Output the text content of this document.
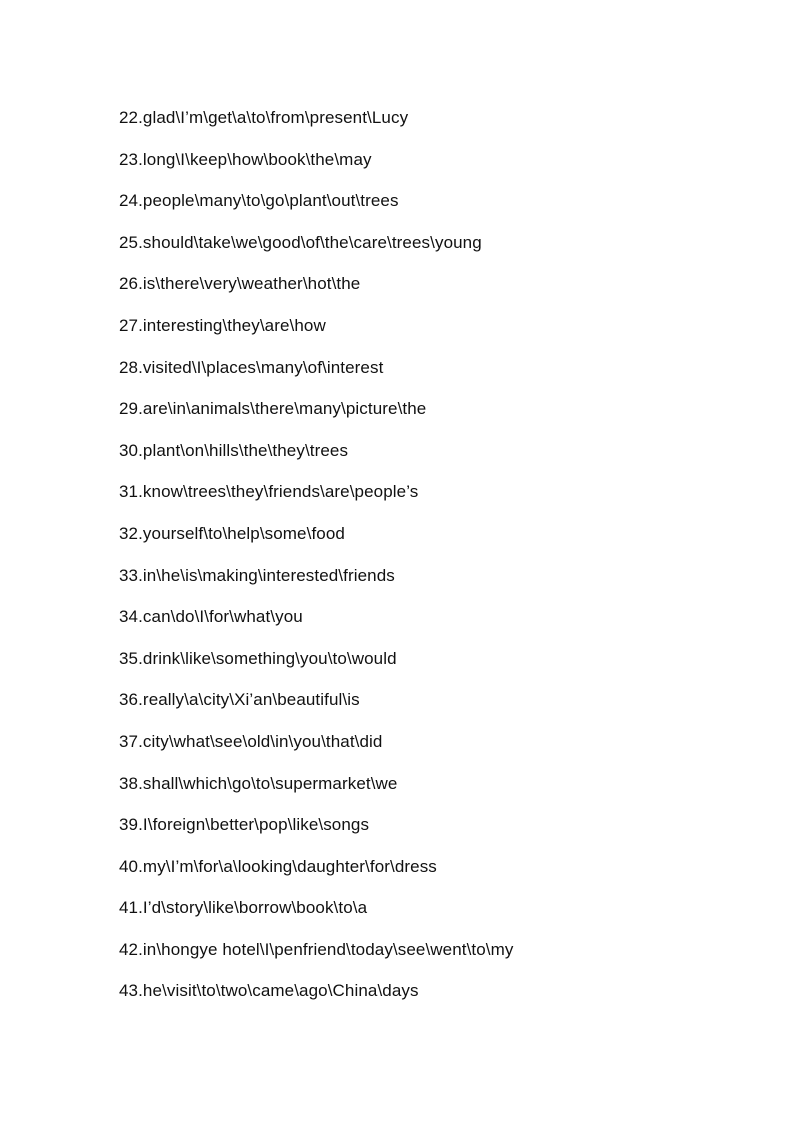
22.glad\I’m\get\a\to\from\present\Lucy
23.long\I\keep\how\book\the\may
24.people\many\to\go\plant\out\trees
25.should\take\we\good\of\the\care\trees\young
26.is\there\very\weather\hot\the
27.interesting\they\are\how
28.visited\I\places\many\of\interest
29.are\in\animals\there\many\picture\the
30.plant\on\hills\the\they\trees
31.know\trees\they\friends\are\people’s
32.yourself\to\help\some\food
33.in\he\is\making\interested\friends
34.can\do\I\for\what\you
35.drink\like\something\you\to\would
36.really\a\city\Xi’an\beautiful\is
37.city\what\see\old\in\you\that\did
38.shall\which\go\to\supermarket\we
39.I\foreign\better\pop\like\songs
40.my\I’m\for\a\looking\daughter\for\dress
41.I’d\story\like\borrow\book\to\a
42.in\hongye hotel\I\penfriend\today\see\went\to\my
43.he\visit\to\two\came\ago\China\days
